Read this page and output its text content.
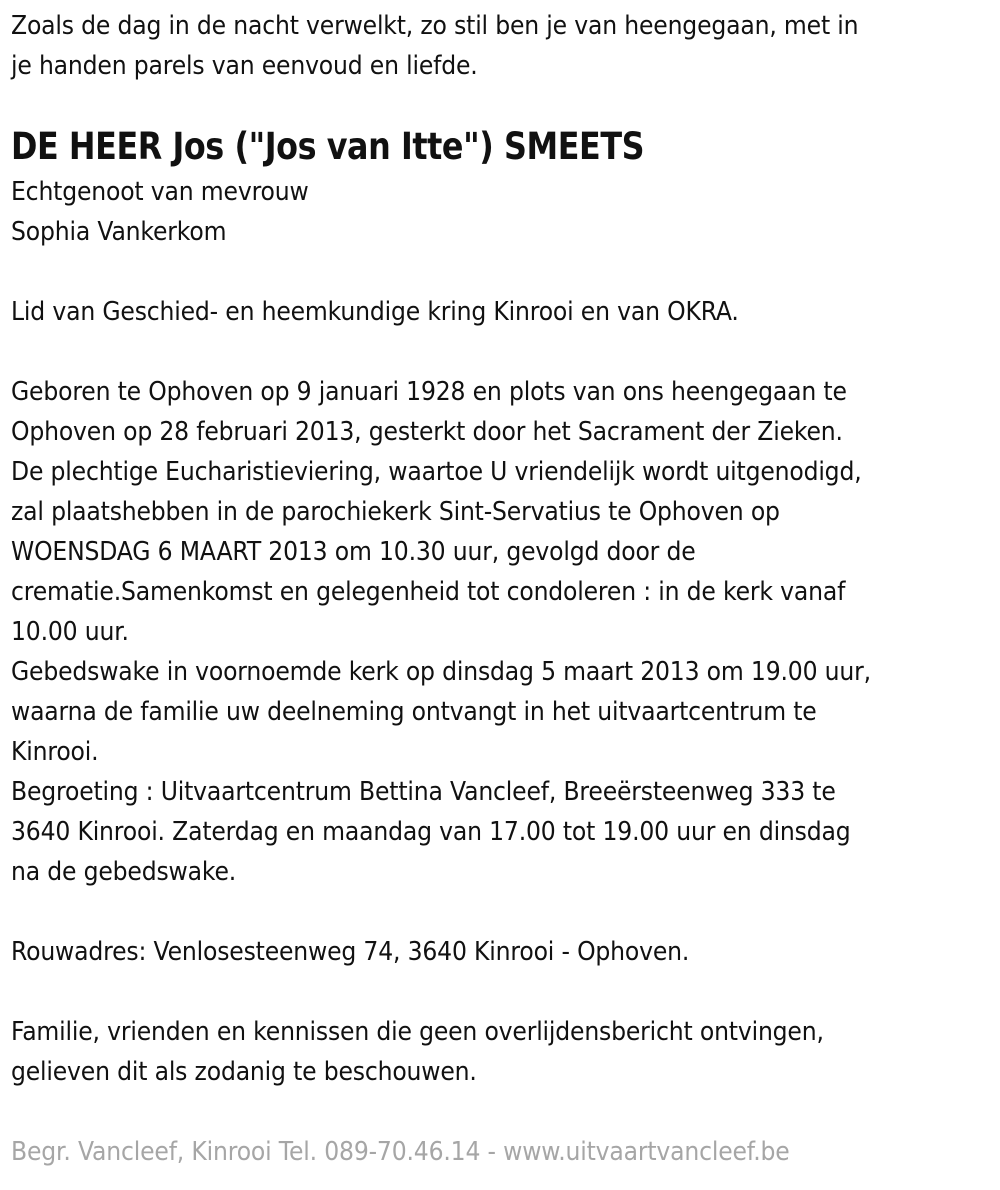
Zoals de dag in de nacht verwelkt, zo stil ben je van heengegaan, met in
je handen parels van eenvoud en liefde.
DE HEER Jos ("Jos van Itte") SMEETS
Echtgenoot van mevrouw
Sophia Vankerkom
Lid van Geschied- en heemkundige kring Kinrooi en van OKRA.
Geboren te Ophoven op 9 januari 1928 en plots van ons heengegaan te
Ophoven op 28 februari 2013, gesterkt door het Sacrament der Zieken.
De plechtige Eucharistieviering, waartoe U vriendelijk wordt uitgenodigd,
zal plaatshebben in de parochiekerk Sint-Servatius te Ophoven op
WOENSDAG 6 MAART 2013 om 10.30 uur, gevolgd door de
crematie.Samenkomst en gelegenheid tot condoleren : in de kerk vanaf
10.00 uur.
Gebedswake in voornoemde kerk op dinsdag 5 maart 2013 om 19.00 uur,
waarna de familie uw deelneming ontvangt in het uitvaartcentrum te
Kinrooi.
Begroeting : Uitvaartcentrum Bettina Vancleef, Breeërsteenweg 333 te
3640 Kinrooi. Zaterdag en maandag van 17.00 tot 19.00 uur en dinsdag
na de gebedswake.
Rouwadres: Venlosesteenweg 74, 3640 Kinrooi - Ophoven.
Familie, vrienden en kennissen die geen overlijdensbericht ontvingen,
gelieven dit als zodanig te beschouwen.
Begr. Vancleef, Kinrooi Tel. 089-70.46.14 - www.uitvaartvancleef.be
